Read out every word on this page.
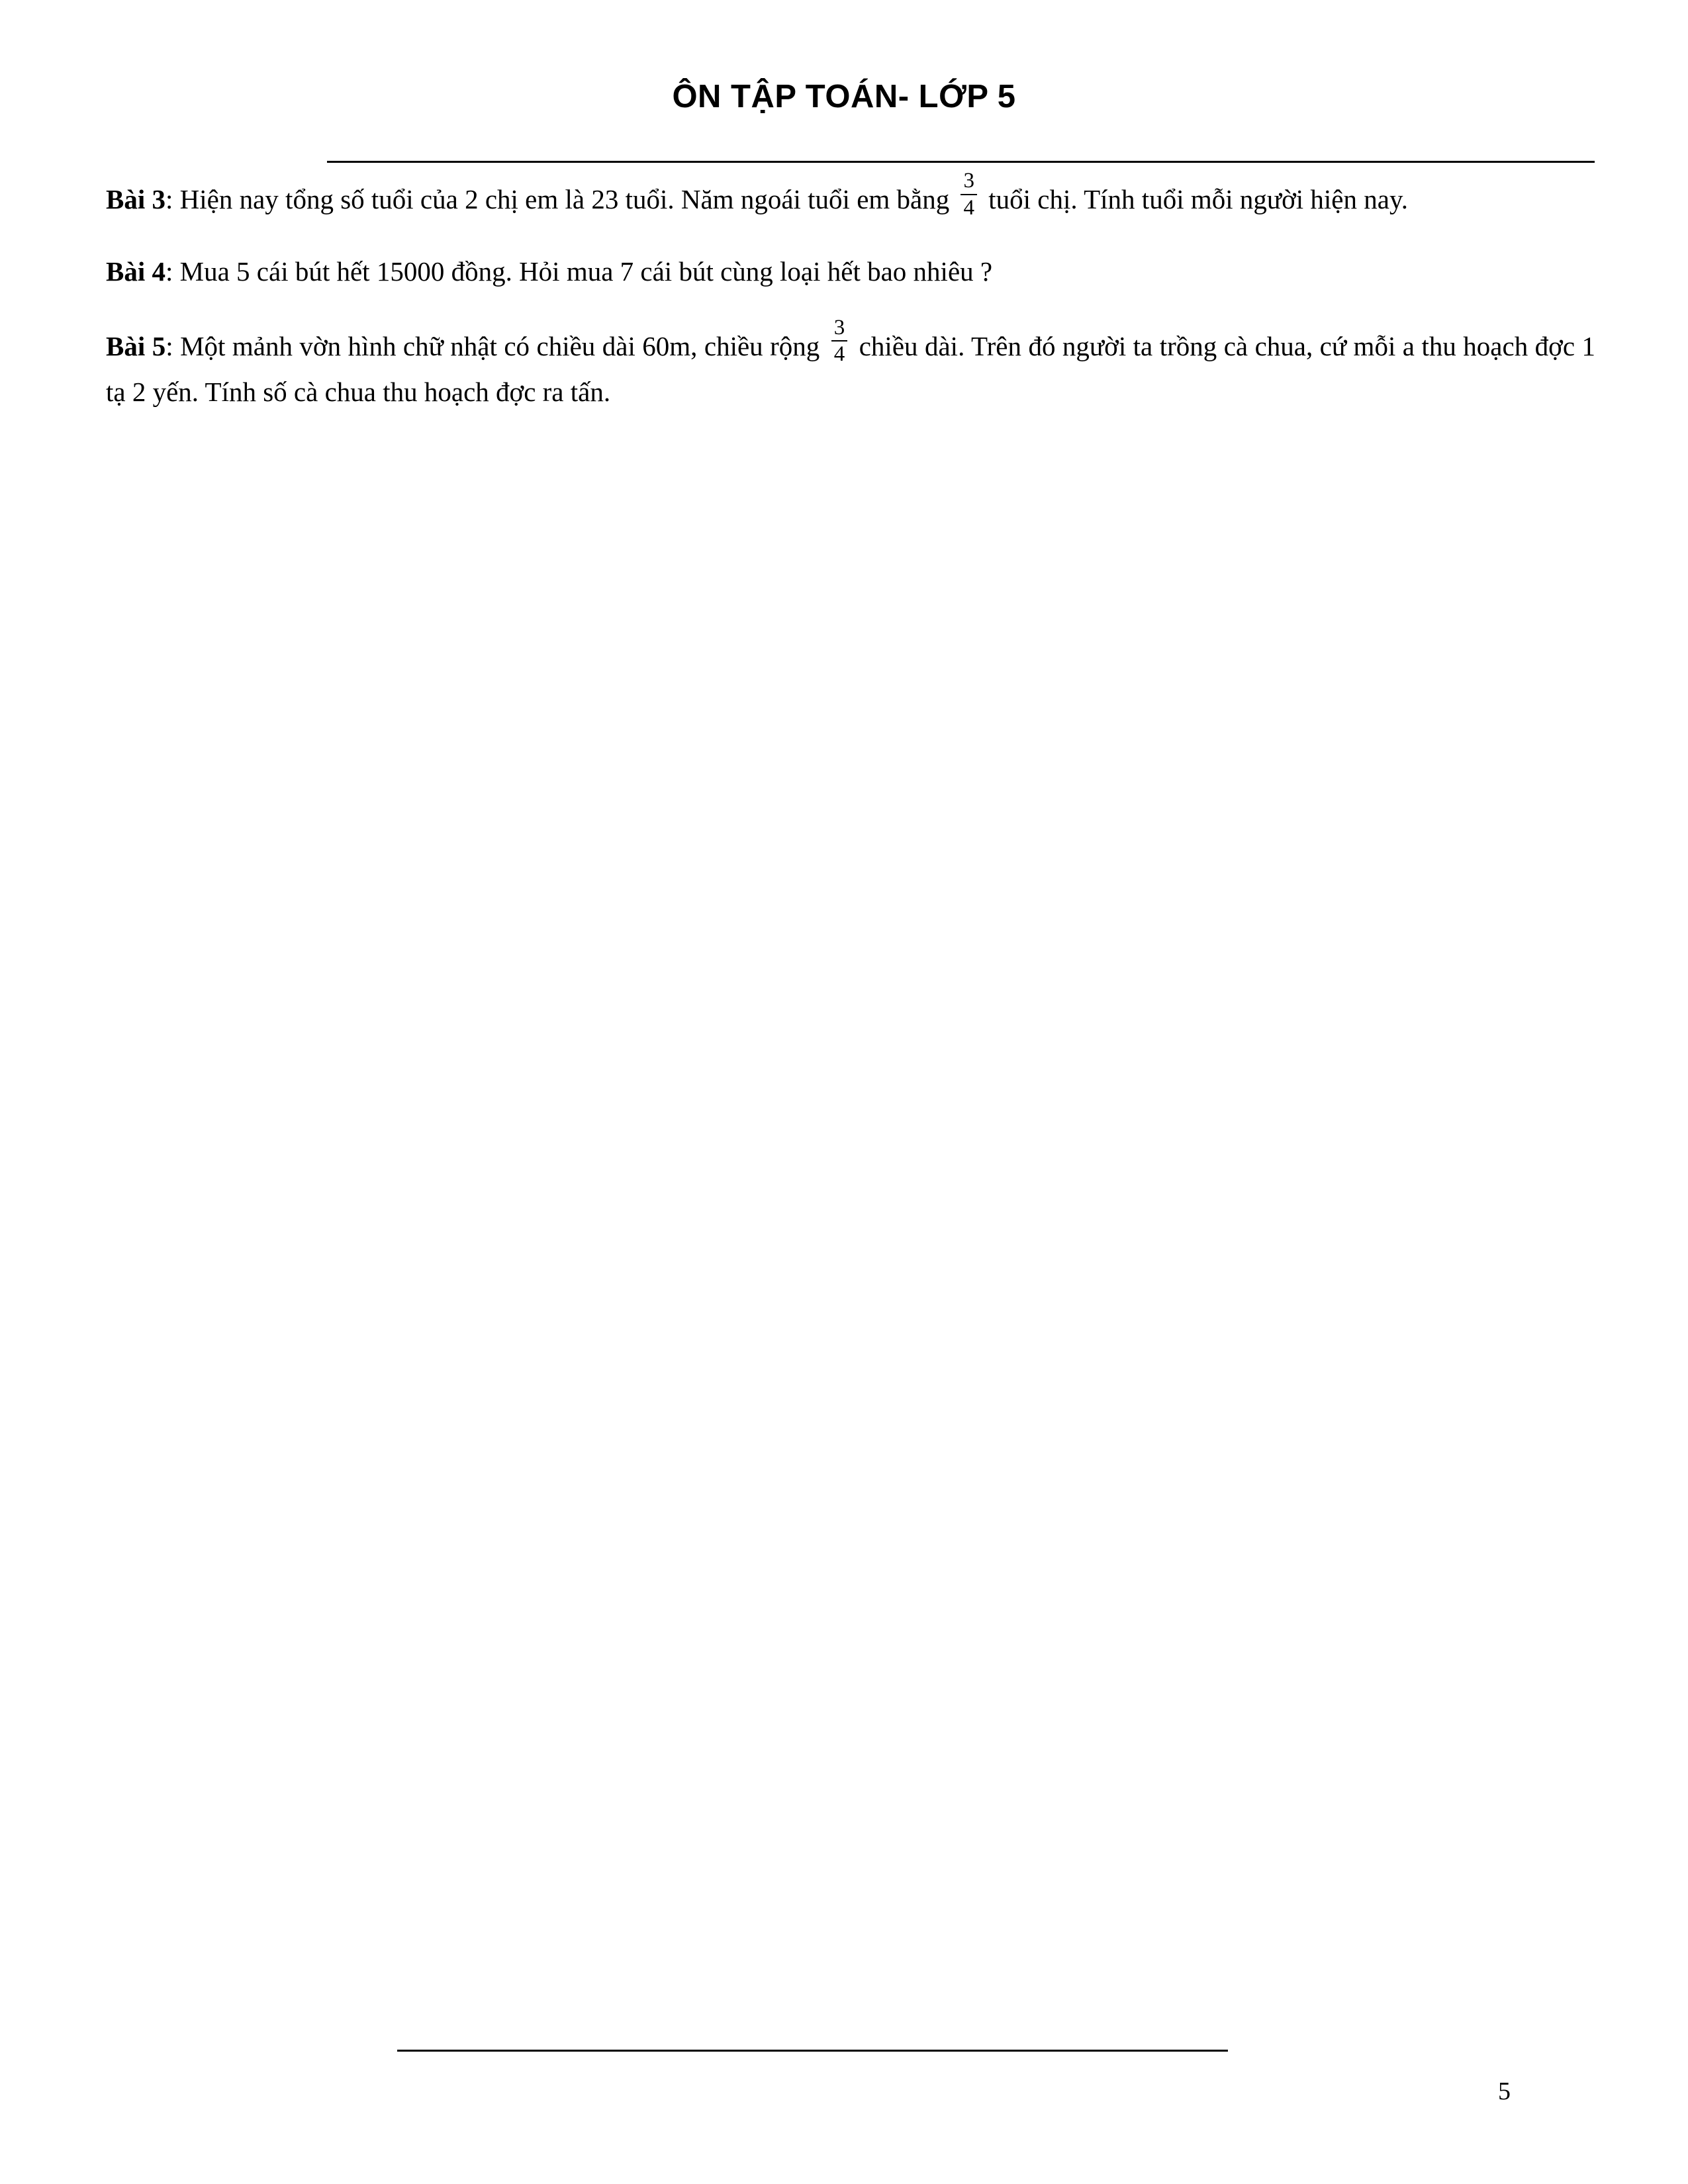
ÔN TẬP TOÁN- LỚP 5

Bài 3: Hiện nay tổng số tuổi của 2 chị em là 23 tuổi. Năm ngoái tuổi em bằng $\frac{3}{4}$ tuổi chị. Tính tuổi mỗi người hiện nay.

Bài 4: Mua 5 cái bút hết 15000 đồng. Hỏi mua 7 cái bút cùng loại hết bao nhiêu ?

Bài 5: Một mảnh vờn hình chữ nhật có chiều dài 60m, chiều rộng $\frac{3}{4}$ chiều dài. Trên đó người ta trồng cà chua, cứ mỗi a thu hoạch đợc 1 tạ 2 yến. Tính số cà chua thu hoạch đợc ra tấn.

5
